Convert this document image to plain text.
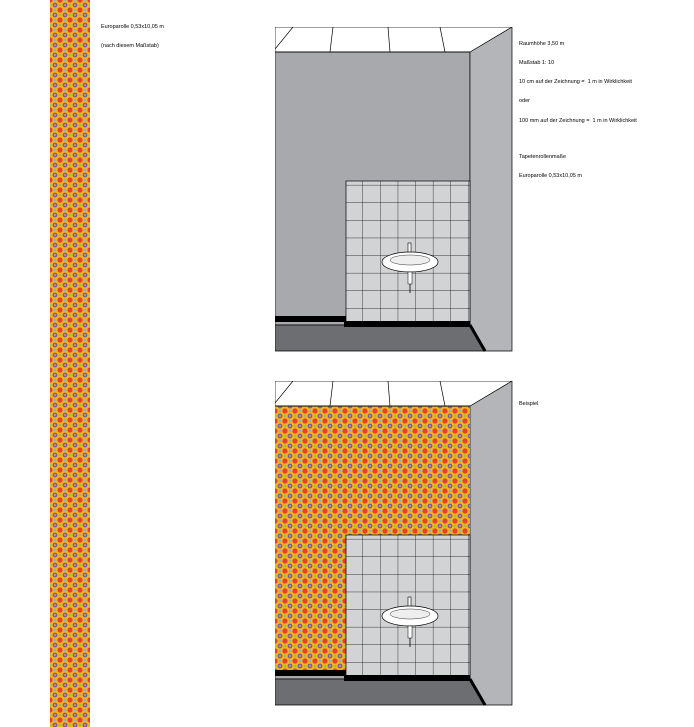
Europarolle 0,53x10,05 m

(nach diesem Maßstab)

	Raumhöhe 3,50 m

Maßstab 1: 10

10 cm auf der Zeichnung =  1 m in Wirklichkeit

oder

100 mm auf der Zeichnung =  1 m in Wirklichkeit

Tapetenrollenmaße

Europarolle 0,53x10,05 m

Beispiel
